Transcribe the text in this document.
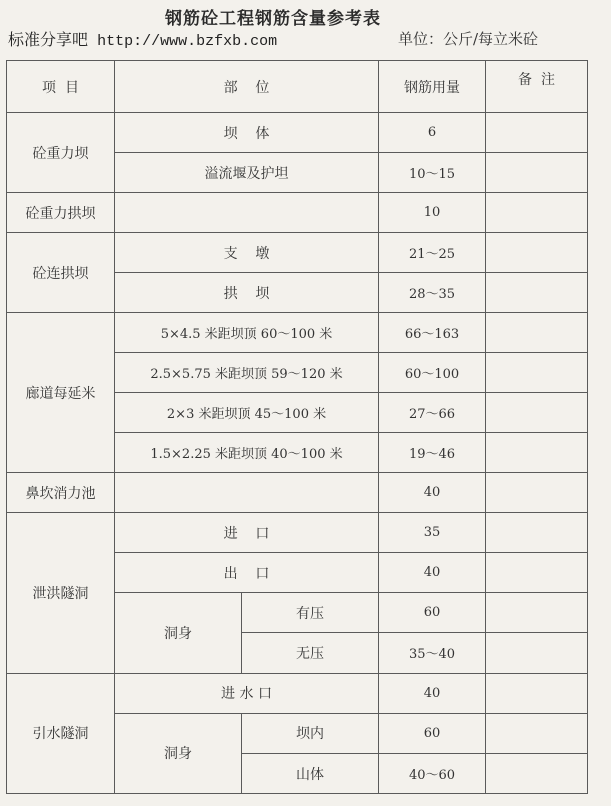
钢筋砼工程钢筋含量参考表
标准分享吧 http://www.bzfxb.com	单位：公斤/每立米砼
项  目	部    位		钢筋用量	备  注
砼重力坝	坝    体		6	
	溢流堰及护坦		10～15	
砼重力拱坝			10	
砼连拱坝	支    墩		21～25	
	拱    坝		28～35	
廊道每延米	5×4.5 米距坝顶 60～100 米		66～163	
	2.5×5.75 米距坝顶 59～120 米		60～100	
	2×3 米距坝顶 45～100 米		27～66	
	1.5×2.25 米距坝顶 40～100 米		19～46	
鼻坎消力池			40	
泄洪隧洞	进    口		35	
	出    口		40	
	洞身	有压	60	
		无压	35～40	
引水隧洞	进 水 口		40	
	洞身	坝内	60	
		山体	40～60	
